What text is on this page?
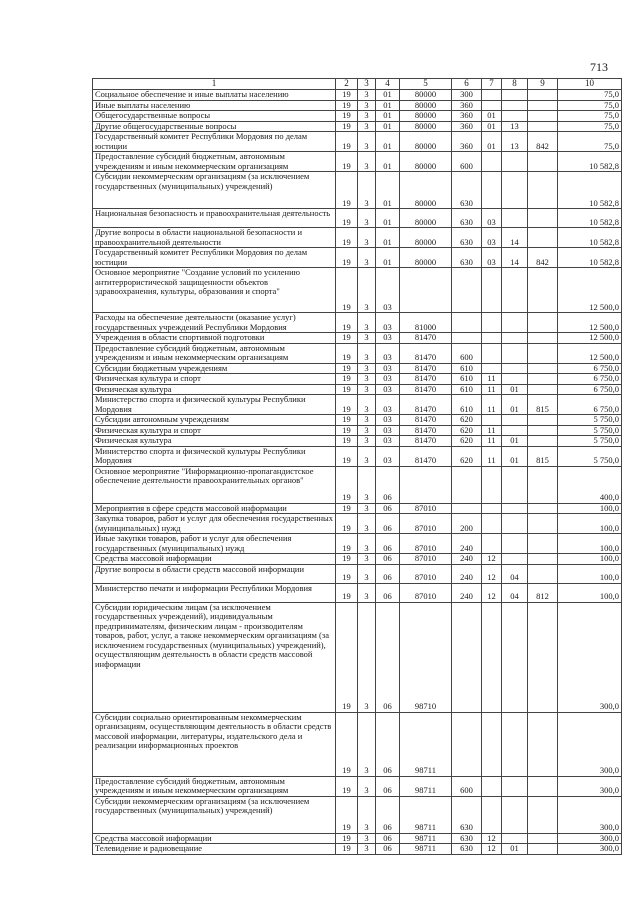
713
1	2	3	4	5	6	7	8	9	10
Социальное обеспечение и иные выплаты населению	19	3	01	80000	300				75,0
Иные выплаты населению	19	3	01	80000	360				75,0
Общегосударственные вопросы	19	3	01	80000	360	01			75,0
Другие общегосударственные вопросы	19	3	01	80000	360	01	13		75,0
Государственный комитет Республики Мордовия по делам юстиции	19	3	01	80000	360	01	13	842	75,0
Предоставление субсидий бюджетным, автономным учреждениям и иным некоммерческим организациям	19	3	01	80000	600				10 582,8
Субсидии некоммерческим организациям (за исключением государственных (муниципальных) учреждений)	19	3	01	80000	630				10 582,8
Национальная безопасность и правоохранительная деятельность	19	3	01	80000	630	03			10 582,8
Другие вопросы в области национальной безопасности и правоохранительной деятельности	19	3	01	80000	630	03	14		10 582,8
Государственный комитет Республики Мордовия по делам юстиции	19	3	01	80000	630	03	14	842	10 582,8
Основное мероприятие "Создание условий по усилению антитеррористической защищенности объектов здравоохранения, культуры, образования и спорта"	19	3	03						12 500,0
Расходы на обеспечение деятельности (оказание услуг) государственных учреждений Республики Мордовия	19	3	03	81000					12 500,0
Учреждения в области спортивной подготовки	19	3	03	81470					12 500,0
Предоставление субсидий бюджетным, автономным учреждениям и иным некоммерческим организациям	19	3	03	81470	600				12 500,0
Субсидии бюджетным учреждениям	19	3	03	81470	610				6 750,0
Физическая культура и спорт	19	3	03	81470	610	11			6 750,0
Физическая культура	19	3	03	81470	610	11	01		6 750,0
Министерство спорта и физической культуры Республики Мордовия	19	3	03	81470	610	11	01	815	6 750,0
Субсидии автономным учреждениям	19	3	03	81470	620				5 750,0
Физическая культура и спорт	19	3	03	81470	620	11			5 750,0
Физическая культура	19	3	03	81470	620	11	01		5 750,0
Министерство спорта и физической культуры Республики Мордовия	19	3	03	81470	620	11	01	815	5 750,0
Основное мероприятие "Информационно-пропагандистское обеспечение деятельности правоохранительных органов"	19	3	06						400,0
Мероприятия в сфере средств массовой информации	19	3	06	87010					100,0
Закупка товаров, работ и услуг для обеспечения государственных (муниципальных) нужд	19	3	06	87010	200				100,0
Иные закупки товаров, работ и услуг для обеспечения государственных (муниципальных) нужд	19	3	06	87010	240				100,0
Средства массовой информации	19	3	06	87010	240	12			100,0
Другие вопросы в области средств массовой информации	19	3	06	87010	240	12	04		100,0
Министерство печати и информации Республики Мордовия	19	3	06	87010	240	12	04	812	100,0
Субсидии юридическим лицам (за исключением государственных учреждений), индивидуальным предпринимателям, физическим лицам - производителям товаров, работ, услуг, а также некоммерческим организациям (за исключением государственных (муниципальных) учреждений), осуществляющим деятельность в области средств массовой информации	19	3	06	98710					300,0
Субсидии социально ориентированным некоммерческим организациям, осуществляющим деятельность в области средств массовой информации, литературы, издательского дела и реализации информационных проектов	19	3	06	98711					300,0
Предоставление субсидий бюджетным, автономным учреждениям и иным некоммерческим организациям	19	3	06	98711	600				300,0
Субсидии некоммерческим организациям (за исключением государственных (муниципальных) учреждений)	19	3	06	98711	630				300,0
Средства массовой информации	19	3	06	98711	630	12			300,0
Телевидение и радиовещание	19	3	06	98711	630	12	01		300,0
